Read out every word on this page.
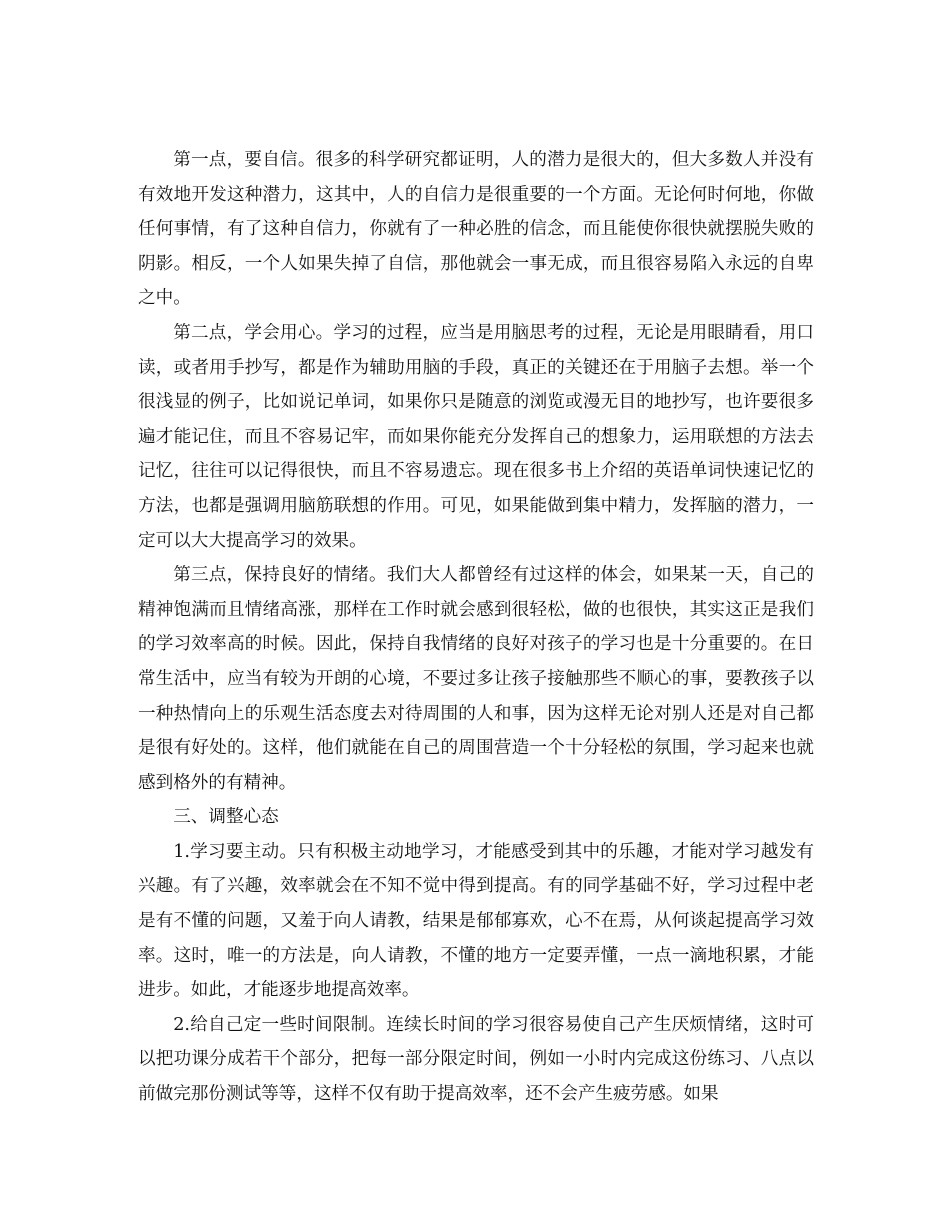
第一点，要自信。很多的科学研究都证明，人的潜力是很大的，但大多数人并没有有效地开发这种潜力，这其中，人的自信力是很重要的一个方面。无论何时何地，你做任何事情，有了这种自信力，你就有了一种必胜的信念，而且能使你很快就摆脱失败的阴影。相反，一个人如果失掉了自信，那他就会一事无成，而且很容易陷入永远的自卑之中。

第二点，学会用心。学习的过程，应当是用脑思考的过程，无论是用眼睛看，用口读，或者用手抄写，都是作为辅助用脑的手段，真正的关键还在于用脑子去想。举一个很浅显的例子，比如说记单词，如果你只是随意的浏览或漫无目的地抄写，也许要很多遍才能记住，而且不容易记牢，而如果你能充分发挥自己的想象力，运用联想的方法去记忆，往往可以记得很快，而且不容易遗忘。现在很多书上介绍的英语单词快速记忆的方法，也都是强调用脑筋联想的作用。可见，如果能做到集中精力，发挥脑的潜力，一定可以大大提高学习的效果。

第三点，保持良好的情绪。我们大人都曾经有过这样的体会，如果某一天，自己的精神饱满而且情绪高涨，那样在工作时就会感到很轻松，做的也很快，其实这正是我们的学习效率高的时候。因此，保持自我情绪的良好对孩子的学习也是十分重要的。在日常生活中，应当有较为开朗的心境，不要过多让孩子接触那些不顺心的事，要教孩子以一种热情向上的乐观生活态度去对待周围的人和事，因为这样无论对别人还是对自己都是很有好处的。这样，他们就能在自己的周围营造一个十分轻松的氛围，学习起来也就感到格外的有精神。

三、调整心态

1.学习要主动。只有积极主动地学习，才能感受到其中的乐趣，才能对学习越发有兴趣。有了兴趣，效率就会在不知不觉中得到提高。有的同学基础不好，学习过程中老是有不懂的问题，又羞于向人请教，结果是郁郁寡欢，心不在焉，从何谈起提高学习效率。这时，唯一的方法是，向人请教，不懂的地方一定要弄懂，一点一滴地积累，才能进步。如此，才能逐步地提高效率。

2.给自己定一些时间限制。连续长时间的学习很容易使自己产生厌烦情绪，这时可以把功课分成若干个部分，把每一部分限定时间，例如一小时内完成这份练习、八点以前做完那份测试等等，这样不仅有助于提高效率，还不会产生疲劳感。如果
